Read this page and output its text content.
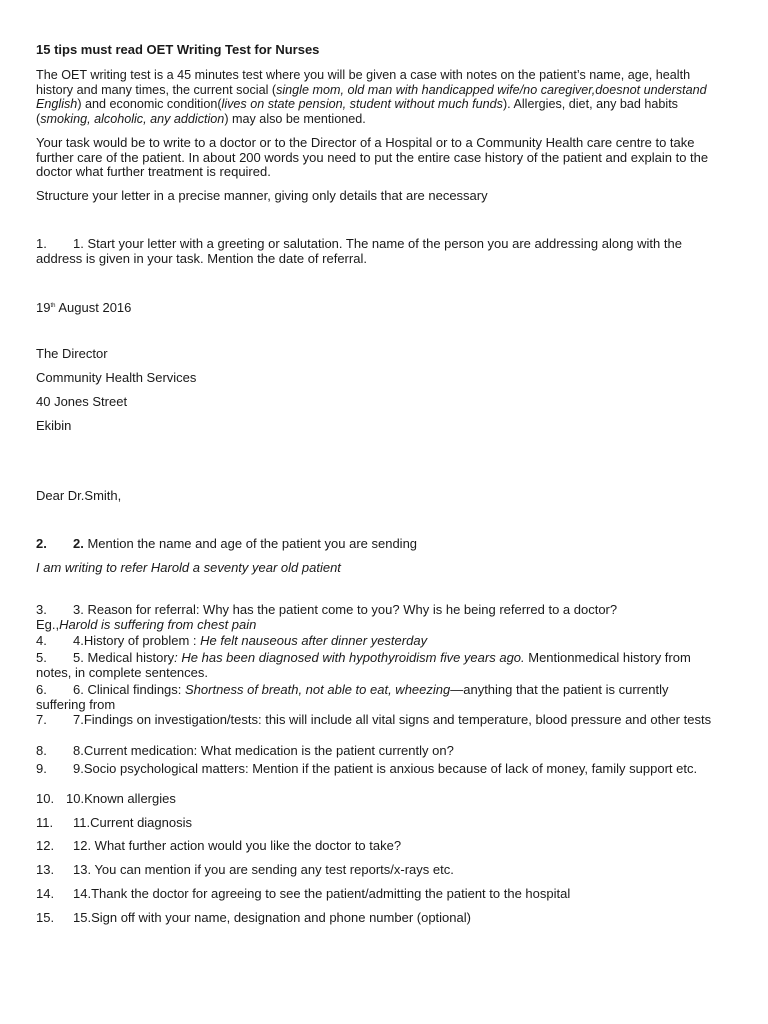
15 tips must read OET Writing Test for Nurses
The OET writing test is a 45 minutes test where you will be given a case with notes on the patient’s name, age, health history and many times, the current social (single mom, old man with handicapped wife/no caregiver,doesnot understand English) and economic condition(lives on state pension, student without much funds). Allergies, diet, any bad habits (smoking, alcoholic, any addiction) may also be mentioned.
Your task would be to write to a doctor or to the Director of a Hospital or to a Community Health care centre to take further care of the patient. In about 200 words you need to put the entire case history of the patient and explain to the doctor what further treatment is required.
Structure your letter in a precise manner, giving only details that are necessary
1. 1. Start your letter with a greeting or salutation. The name of the person you are addressing along with the address is given in your task. Mention the date of referral.
19th August 2016
The Director
Community Health Services
40 Jones Street
Ekibin
Dear Dr.Smith,
2. 2. Mention the name and age of the patient you are sending
I am writing to refer Harold a seventy year old patient
3. 3. Reason for referral: Why has the patient come to you? Why is he being referred to a doctor?
Eg.,Harold is suffering from chest pain
4. 4.History of problem : He felt nauseous after dinner yesterday
5. 5. Medical history: He has been diagnosed with hypothyroidism five years ago. Mentionmedical history from notes, in complete sentences.
6. 6. Clinical findings: Shortness of breath, not able to eat, wheezing—anything that the patient is currently suffering from
7. 7.Findings on investigation/tests: this will include all vital signs and temperature, blood pressure and other tests
8. 8.Current medication: What medication is the patient currently on?
9. 9.Socio psychological matters: Mention if the patient is anxious because of lack of money, family support etc.
10. 10.Known allergies
11. 11.Current diagnosis
12. 12. What further action would you like the doctor to take?
13. 13. You can mention if you are sending any test reports/x-rays etc.
14. 14.Thank the doctor for agreeing to see the patient/admitting the patient to the hospital
15. 15.Sign off with your name, designation and phone number (optional)
